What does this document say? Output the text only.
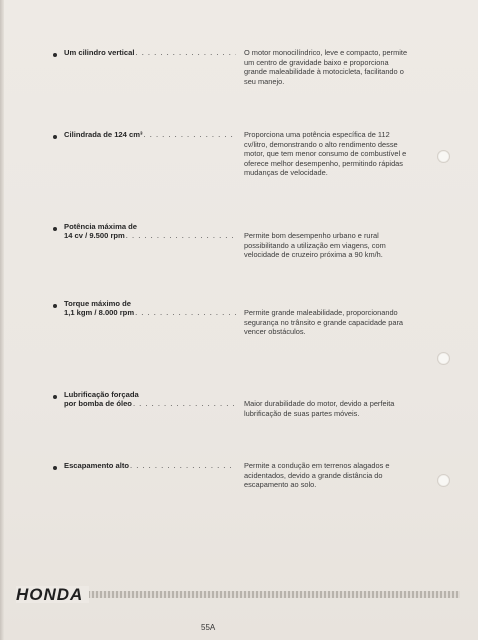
Um cilindro vertical . . .	O motor monocilíndrico, leve e compacto, permite um centro de gravidade baixo e proporciona grande maleabilidade à motocicleta, facilitando o seu manejo.
Cilindrada de 124 cm³ . . .	Proporciona uma potência específica de 112 cv/litro, demonstrando o alto rendimento desse motor, que tem menor consumo de combustível e oferece melhor desempenho, permitindo rápidas mudanças de velocidade.
Potência máxima de
14 cv / 9.500 rpm . . .	Permite bom desempenho urbano e rural possibilitando a utilização em viagens, com velocidade de cruzeiro próxima a 90 km/h.
Torque máximo de
1,1 kgm / 8.000 rpm . . .	Permite grande maleabilidade, proporcionando segurança no trânsito e grande capacidade para vencer obstáculos.
Lubrificação forçada
por bomba de óleo . . .	Maior durabilidade do motor, devido a perfeita lubrificação de suas partes móveis.
Escapamento alto . . .	Permite a condução em terrenos alagados e acidentados, devido a grande distância do escapamento ao solo.
HONDA
55A
